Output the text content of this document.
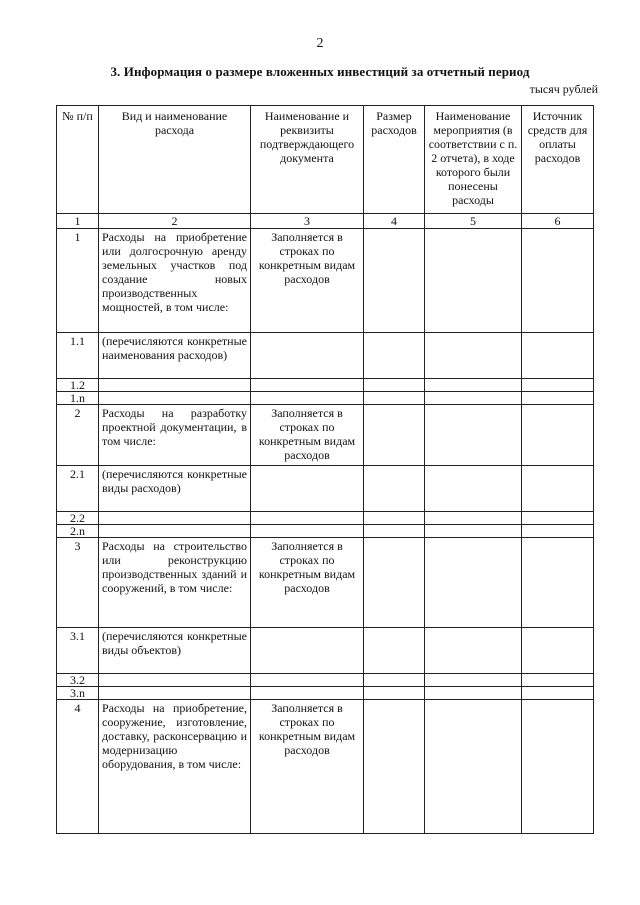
2
3. Информация о размере вложенных инвестиций за отчетный период
тысяч рублей
№ п/п	Вид и наименование расхода	Наименование и реквизиты подтверждающего документа	Размер расходов	Наименование мероприятия (в соответствии с п. 2 отчета), в ходе которого были понесены расходы	Источник средств для оплаты расходов
1	2	3	4	5	6
1	Расходы на приобретение или долгосрочную аренду земельных участков под создание новых производственных мощностей, в том числе:	Заполняется в строках по конкретным видам расходов			
1.1	(перечисляются конкретные наименования расходов)				
1.2					
1.n					
2	Расходы на разработку проектной документации, в том числе:	Заполняется в строках по конкретным видам расходов			
2.1	(перечисляются конкретные виды расходов)				
2.2					
2.n					
3	Расходы на строительство или реконструкцию производственных зданий и сооружений, в том числе:	Заполняется в строках по конкретным видам расходов			
3.1	(перечисляются конкретные виды объектов)				
3.2					
3.n					
4	Расходы на приобретение, сооружение, изготовление, доставку, расконсервацию и модернизацию оборудования, в том числе:	Заполняется в строках по конкретным видам расходов			
